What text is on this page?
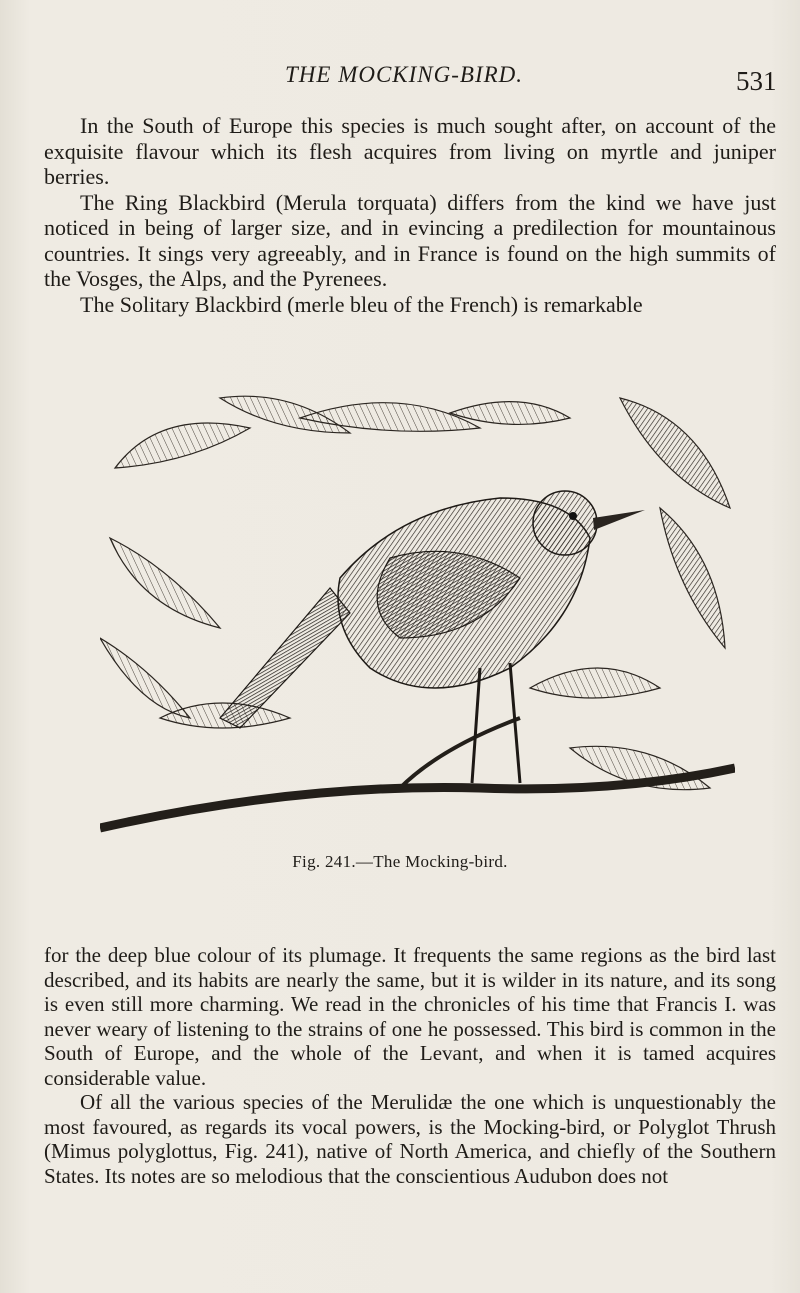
THE MOCKING-BIRD.	531

In the South of Europe this species is much sought after, on account of the exquisite flavour which its flesh acquires from living on myrtle and juniper berries.

The Ring Blackbird (Merula torquata) differs from the kind we have just noticed in being of larger size, and in evincing a predilection for mountainous countries. It sings very agreeably, and in France is found on the high summits of the Vosges, the Alps, and the Pyrenees.

The Solitary Blackbird (merle bleu of the French) is remarkable

Fig. 241.—The Mocking-bird.

for the deep blue colour of its plumage. It frequents the same regions as the bird last described, and its habits are nearly the same, but it is wilder in its nature, and its song is even still more charming. We read in the chronicles of his time that Francis I. was never weary of listening to the strains of one he possessed. This bird is common in the South of Europe, and the whole of the Levant, and when it is tamed acquires considerable value.

Of all the various species of the Merulidæ the one which is unquestionably the most favoured, as regards its vocal powers, is the Mocking-bird, or Polyglot Thrush (Mimus polyglottus, Fig. 241), native of North America, and chiefly of the Southern States. Its notes are so melodious that the conscientious Audubon does not
